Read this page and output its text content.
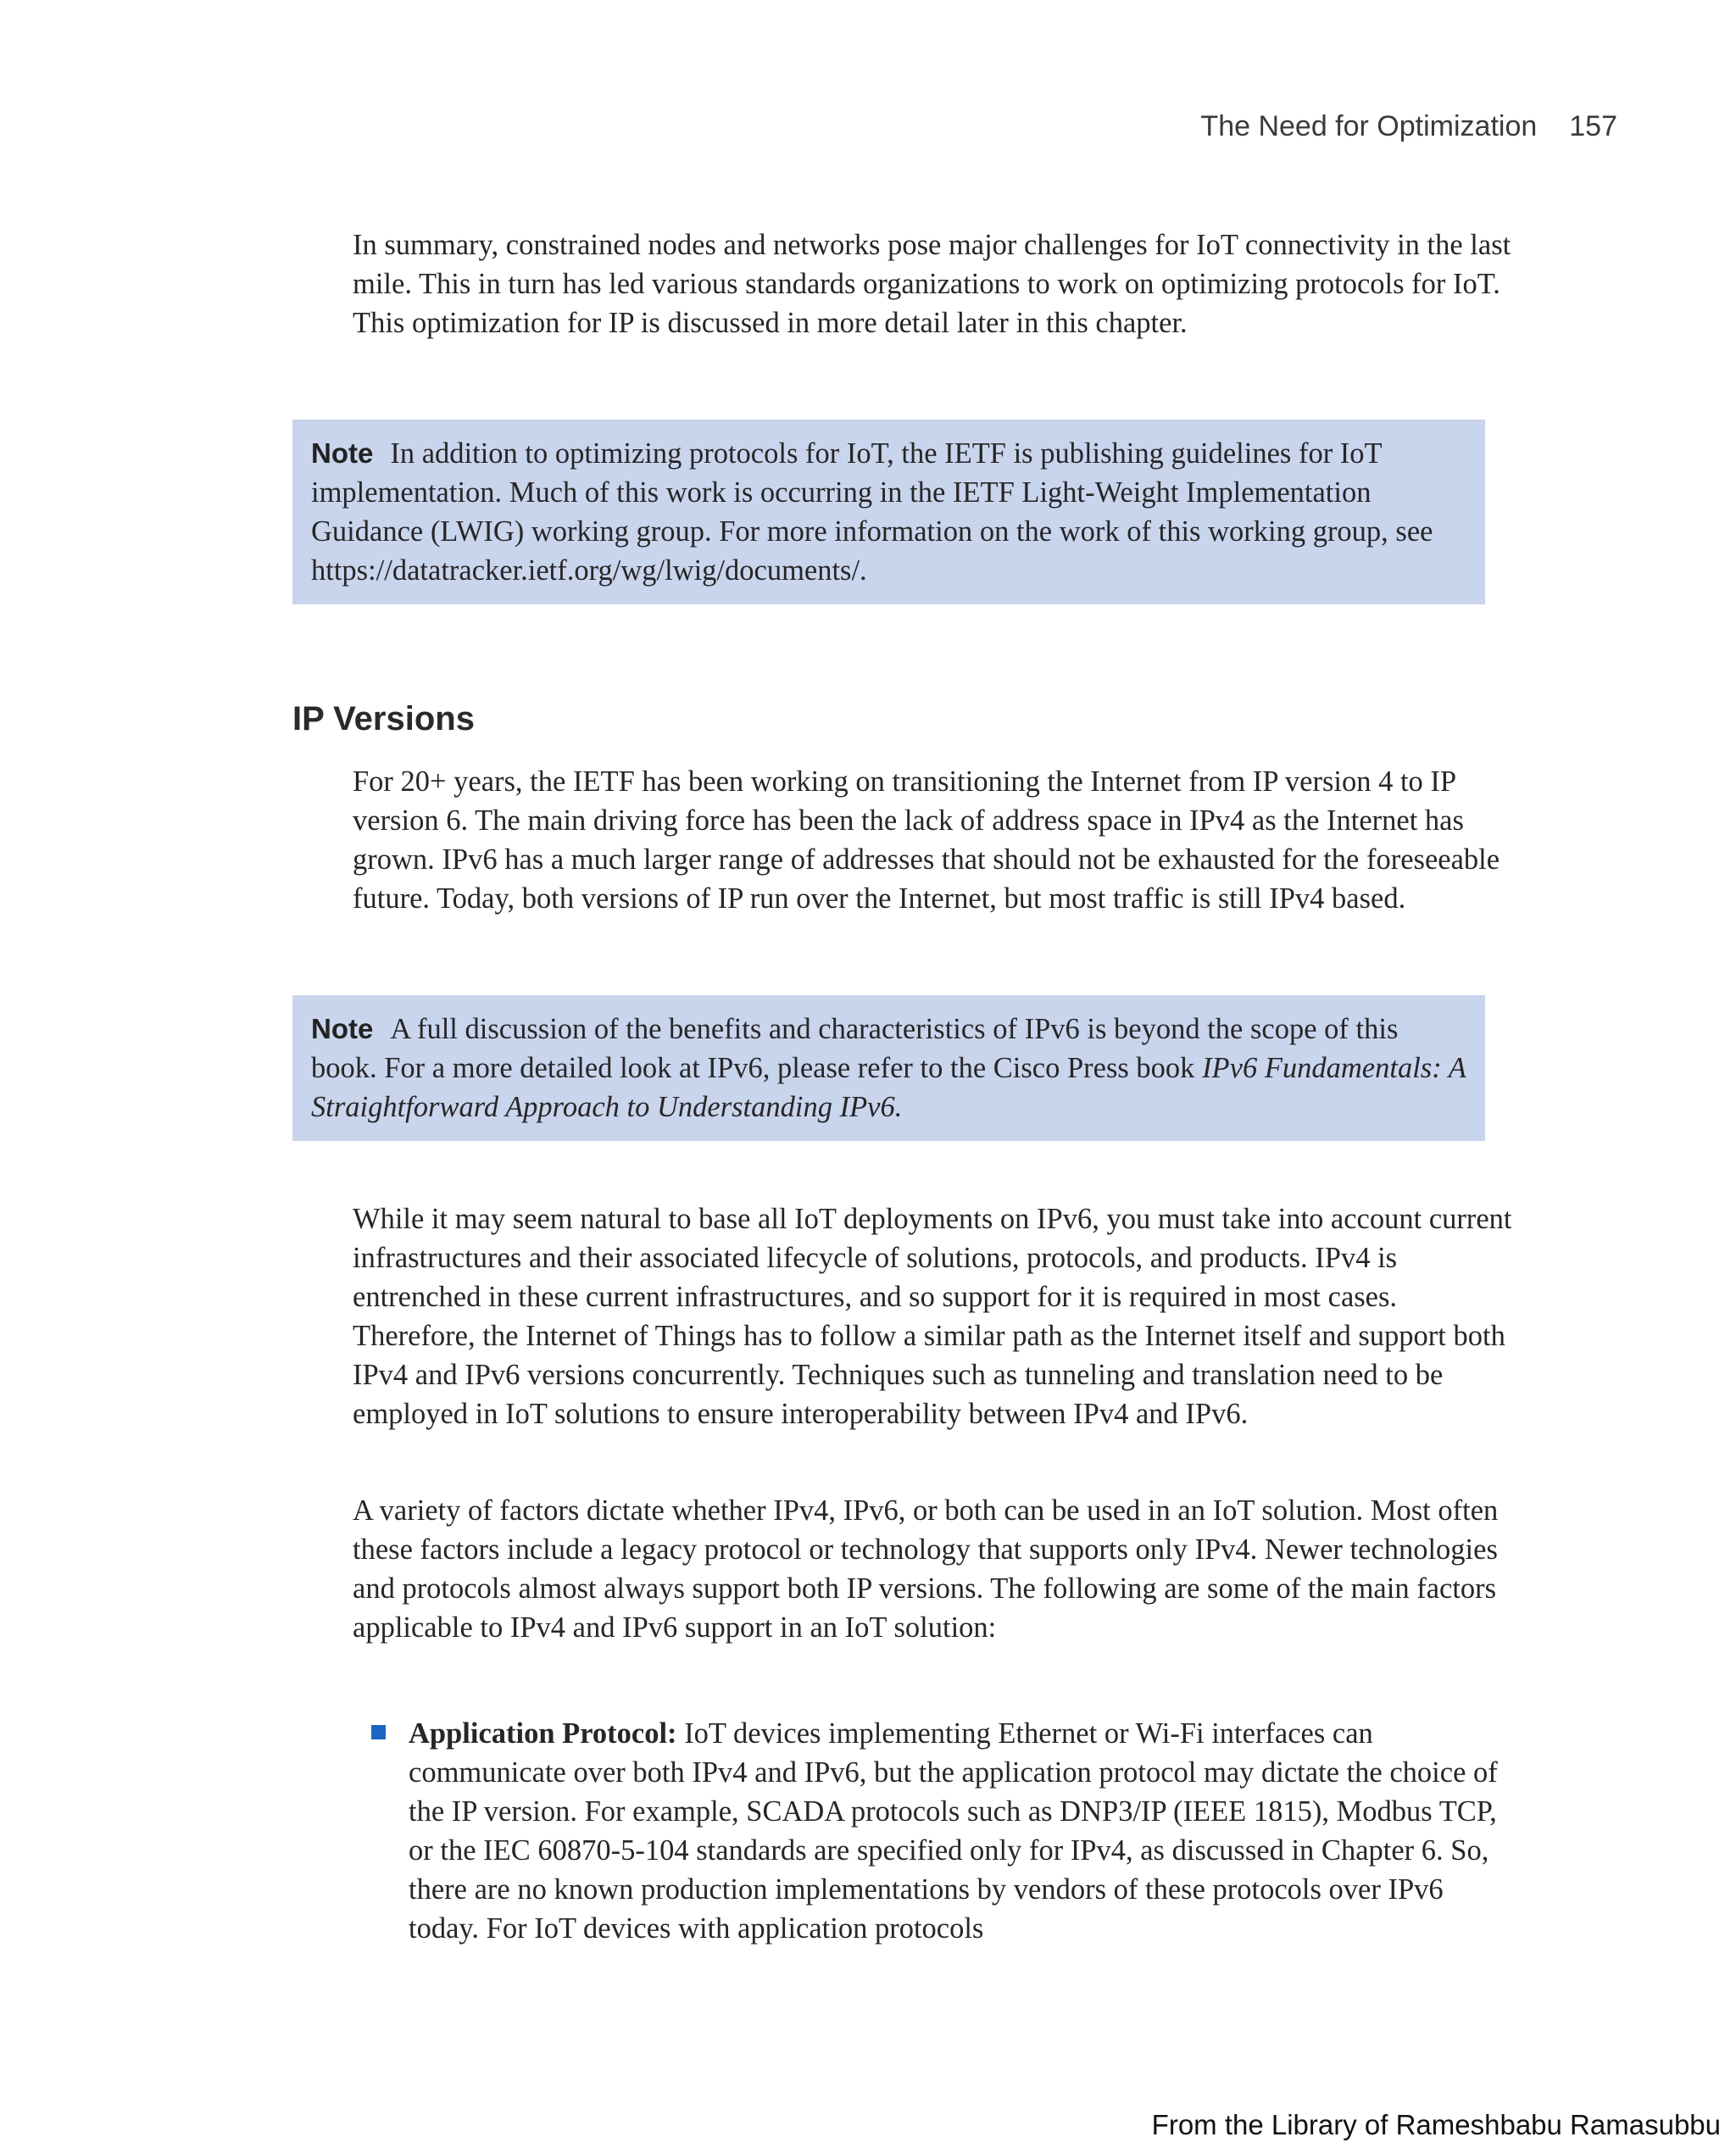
The Need for Optimization 157

In summary, constrained nodes and networks pose major challenges for IoT connectivity in the last mile. This in turn has led various standards organizations to work on optimizing protocols for IoT. This optimization for IP is discussed in more detail later in this chapter.

Note In addition to optimizing protocols for IoT, the IETF is publishing guidelines for IoT implementation. Much of this work is occurring in the IETF Light-Weight Implementation Guidance (LWIG) working group. For more information on the work of this working group, see https://datatracker.ietf.org/wg/lwig/documents/.

IP Versions

For 20+ years, the IETF has been working on transitioning the Internet from IP version 4 to IP version 6. The main driving force has been the lack of address space in IPv4 as the Internet has grown. IPv6 has a much larger range of addresses that should not be exhausted for the foreseeable future. Today, both versions of IP run over the Internet, but most traffic is still IPv4 based.

Note A full discussion of the benefits and characteristics of IPv6 is beyond the scope of this book. For a more detailed look at IPv6, please refer to the Cisco Press book IPv6 Fundamentals: A Straightforward Approach to Understanding IPv6.

While it may seem natural to base all IoT deployments on IPv6, you must take into account current infrastructures and their associated lifecycle of solutions, protocols, and products. IPv4 is entrenched in these current infrastructures, and so support for it is required in most cases. Therefore, the Internet of Things has to follow a similar path as the Internet itself and support both IPv4 and IPv6 versions concurrently. Techniques such as tunneling and translation need to be employed in IoT solutions to ensure interoperability between IPv4 and IPv6.

A variety of factors dictate whether IPv4, IPv6, or both can be used in an IoT solution. Most often these factors include a legacy protocol or technology that supports only IPv4. Newer technologies and protocols almost always support both IP versions. The following are some of the main factors applicable to IPv4 and IPv6 support in an IoT solution:

Application Protocol: IoT devices implementing Ethernet or Wi-Fi interfaces can communicate over both IPv4 and IPv6, but the application protocol may dictate the choice of the IP version. For example, SCADA protocols such as DNP3/IP (IEEE 1815), Modbus TCP, or the IEC 60870-5-104 standards are specified only for IPv4, as discussed in Chapter 6. So, there are no known production implementations by vendors of these protocols over IPv6 today. For IoT devices with application protocols

From the Library of Rameshbabu Ramasubbu
